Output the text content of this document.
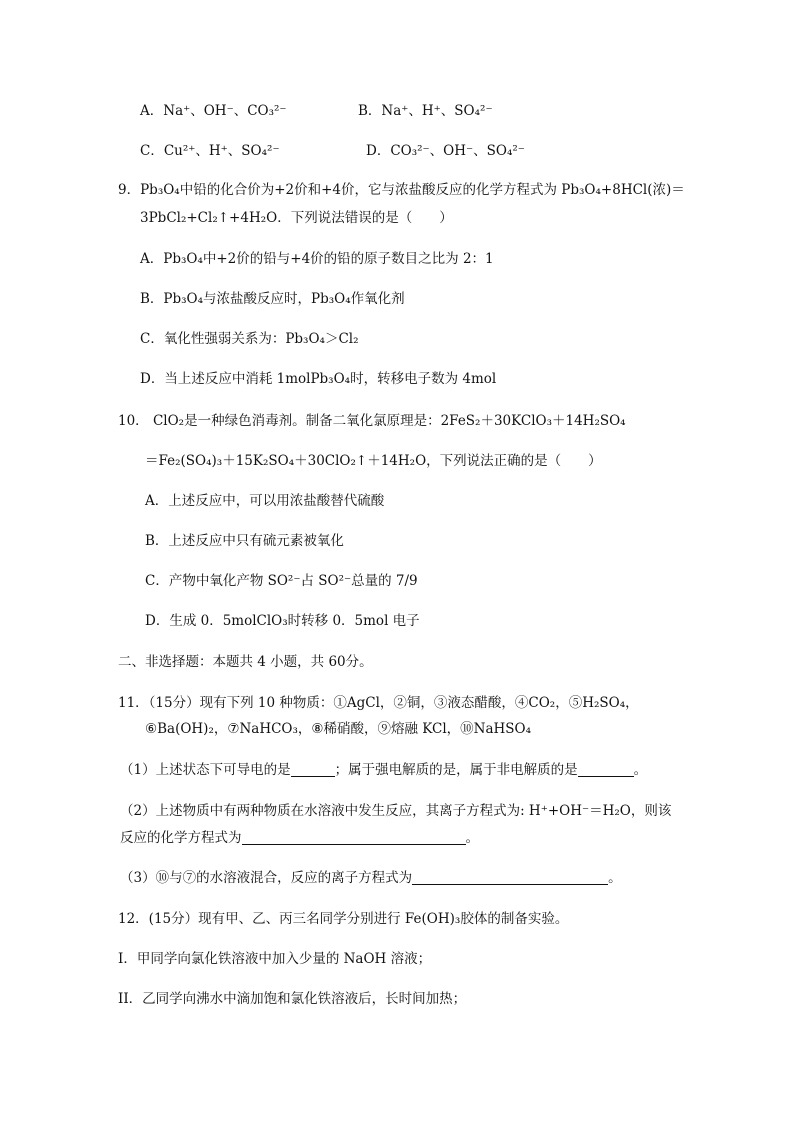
A．Na⁺、OH⁻、CO₃²⁻	B．Na⁺、H⁺、SO₄²⁻
C．Cu²⁺、H⁺、SO₄²⁻	D．CO₃²⁻、OH⁻、SO₄²⁻
9．Pb₃O₄中铅的化合价为+2价和+4价，它与浓盐酸反应的化学方程式为 Pb₃O₄+8HCl(浓)＝
3PbCl₂+Cl₂↑+4H₂O．下列说法错误的是（　　）
A．Pb₃O₄中+2价的铅与+4价的铅的原子数目之比为 2：1
B．Pb₃O₄与浓盐酸反应时，Pb₃O₄作氧化剂
C．氧化性强弱关系为：Pb₃O₄＞Cl₂
D．当上述反应中消耗 1molPb₃O₄时，转移电子数为 4mol
10． ClO₂是一种绿色消毒剂。制备二氧化氯原理是：2FeS₂＋30KClO₃＋14H₂SO₄
＝Fe₂(SO₄)₃＋15K₂SO₄＋30ClO₂↑＋14H₂O，下列说法正确的是（　　）
A．上述反应中，可以用浓盐酸替代硫酸
B．上述反应中只有硫元素被氧化
C．产物中氧化产物 SO²⁻占 SO²⁻总量的 7/9
D．生成 0．5molClO₃时转移 0．5mol 电子
二、非选择题：本题共 4 小题，共 60分。
11．（15分）现有下列 10 种物质：①AgCl，②铜，③液态醋酸，④CO₂，⑤H₂SO₄，
⑥Ba(OH)₂，⑦NaHCO₃，⑧稀硝酸，⑨熔融 KCl，⑩NaHSO₄
（1）上述状态下可导电的是	；属于强电解质的是，属于非电解质的是	。
（2）上述物质中有两种物质在水溶液中发生反应，其离子方程式为: H⁺+OH⁻＝H₂O，则该
反应的化学方程式为	。
（3）⑩与⑦的水溶液混合，反应的离子方程式为	。
12．(15分）现有甲、乙、丙三名同学分别进行 Fe(OH)₃胶体的制备实验。
I．甲同学向氯化铁溶液中加入少量的 NaOH 溶液；
II．乙同学向沸水中滴加饱和氯化铁溶液后，长时间加热；
